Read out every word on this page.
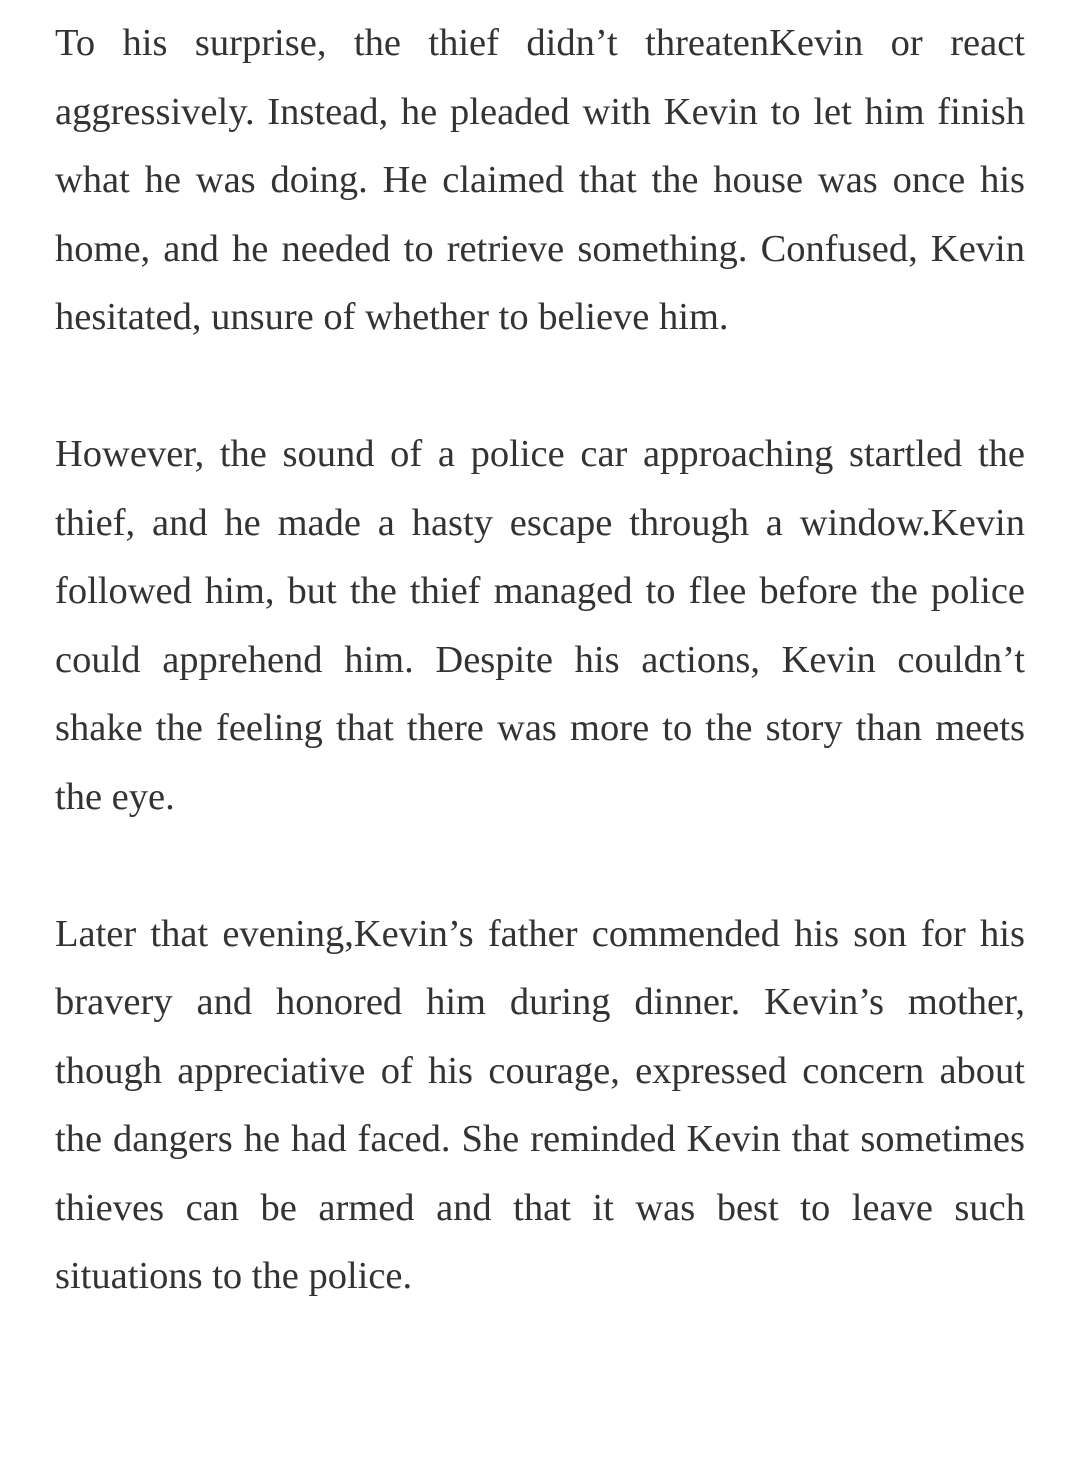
To his surprise, the thief didn’t threatenKevin or react aggressively. Instead, he pleaded with Kevin to let him finish what he was doing. He claimed that the house was once his home, and he needed to retrieve something. Confused, Kevin hesitated, unsure of whether to believe him.

However, the sound of a police car approaching startled the thief, and he made a hasty escape through a window.Kevin followed him, but the thief managed to flee before the police could apprehend him. Despite his actions, Kevin couldn’t shake the feeling that there was more to the story than meets the eye.

Later that evening,Kevin’s father commended his son for his bravery and honored him during dinner. Kevin’s mother, though appreciative of his courage, expressed concern about the dangers he had faced. She reminded Kevin that sometimes thieves can be armed and that it was best to leave such situations to the police.
